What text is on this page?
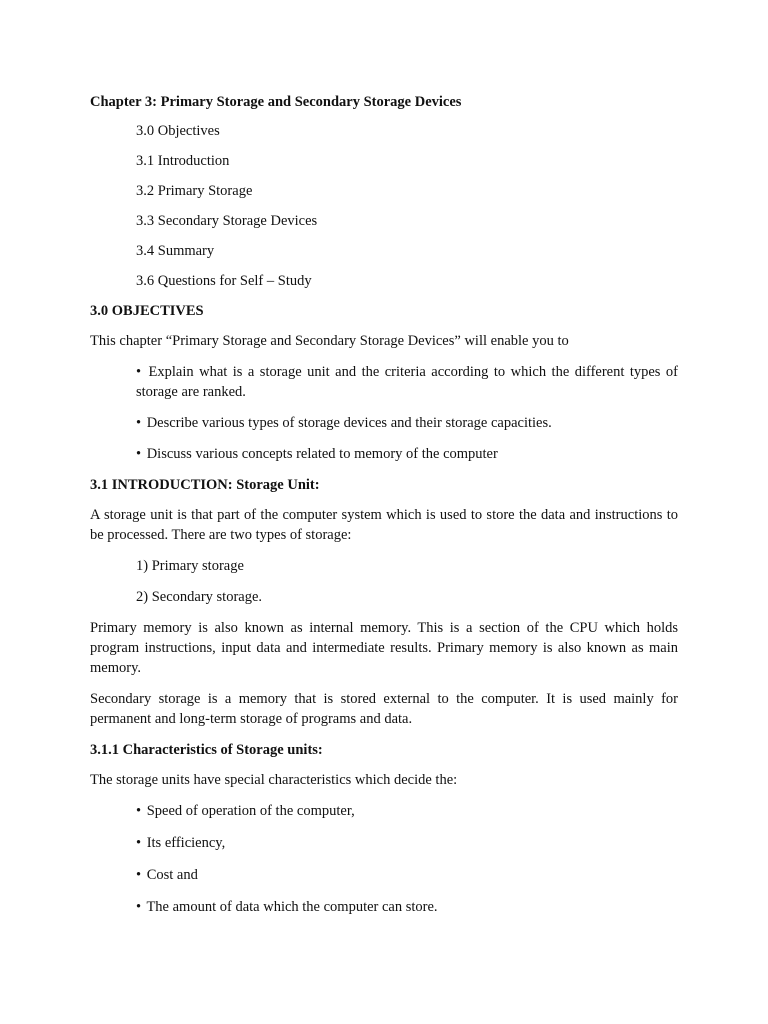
Chapter 3: Primary Storage and Secondary Storage Devices
3.0 Objectives
3.1 Introduction
3.2 Primary Storage
3.3 Secondary Storage Devices
3.4 Summary
3.6 Questions for Self – Study
3.0 OBJECTIVES
This chapter “Primary Storage and Secondary Storage Devices” will enable you to
• Explain what is a storage unit and the criteria according to which the different types of storage are ranked.
• Describe various types of storage devices and their storage capacities.
• Discuss various concepts related to memory of the computer
3.1 INTRODUCTION: Storage Unit:
A storage unit is that part of the computer system which is used to store the data and instructions to be processed. There are two types of storage:
1) Primary storage
2) Secondary storage.
Primary memory is also known as internal memory. This is a section of the CPU which holds program instructions, input data and intermediate results. Primary memory is also known as main memory.
Secondary storage is a memory that is stored external to the computer. It is used mainly for permanent and long-term storage of programs and data.
3.1.1 Characteristics of Storage units:
The storage units have special characteristics which decide the:
• Speed of operation of the computer,
• Its efficiency,
• Cost and
• The amount of data which the computer can store.
